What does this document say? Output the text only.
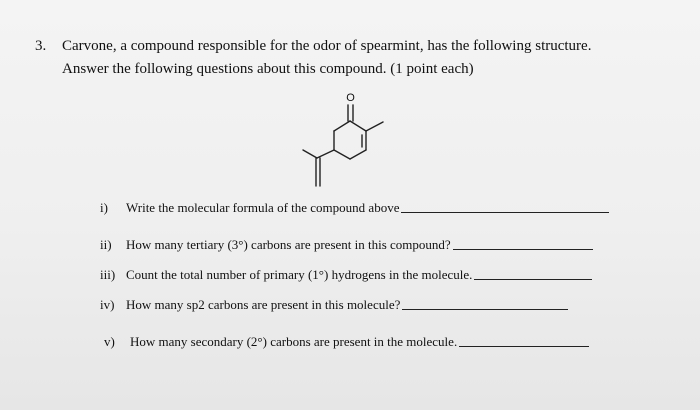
3. Carvone, a compound responsible for the odor of spearmint, has the following structure.
Answer the following questions about this compound. (1 point each)
O
i)	Write the molecular formula of the compound above
ii)	How many tertiary (3°) carbons are present in this compound?
iii) Count the total number of primary (1°) hydrogens in the molecule.
iv) How many sp2 carbons are present in this molecule?
v)	How many secondary (2°) carbons are present in the molecule.
